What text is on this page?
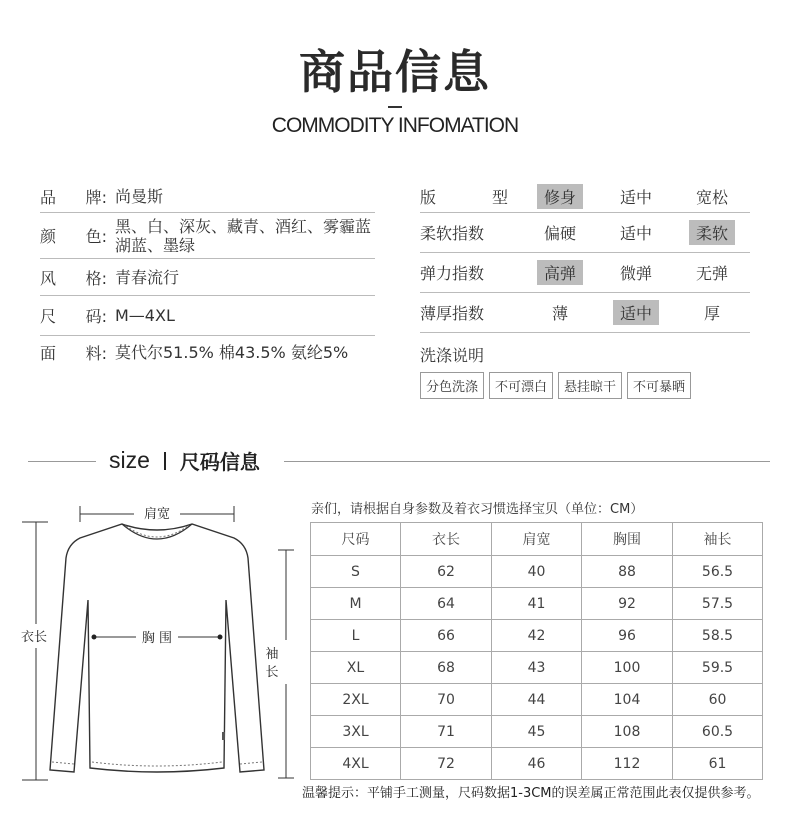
商品信息
COMMODITY INFOMATION
品 牌: 尚曼斯
颜 色:
黑、白、深灰、藏青、酒红、雾霾蓝
湖蓝、墨绿
风 格: 青春流行
尺 码: M—4XL
面 料: 莫代尔51.5% 棉43.5% 氨纶5%
版	型	修身	适中	宽松
柔软指数	偏硬	适中	柔软
弹力指数	高弹	微弹	无弹
薄厚指数	薄	适中	厚
洗涤说明
分色洗涤	不可漂白	悬挂晾干	不可暴晒
size 尺码信息
肩宽
衣长	胸 围
袖
长
亲们，请根据自身参数及着衣习惯选择宝贝（单位：CM）
尺码	衣长	肩宽	胸围	袖长
S	62	40	88	56.5
M	64	41	92	57.5
L	66	42	96	58.5
XL	68	43	100	59.5
2XL	70	44	104	60
3XL	71	45	108	60.5
4XL	72	46	112	61
温馨提示：平铺手工测量，尺码数据1-3CM的误差属正常范围此表仅提供参考。
